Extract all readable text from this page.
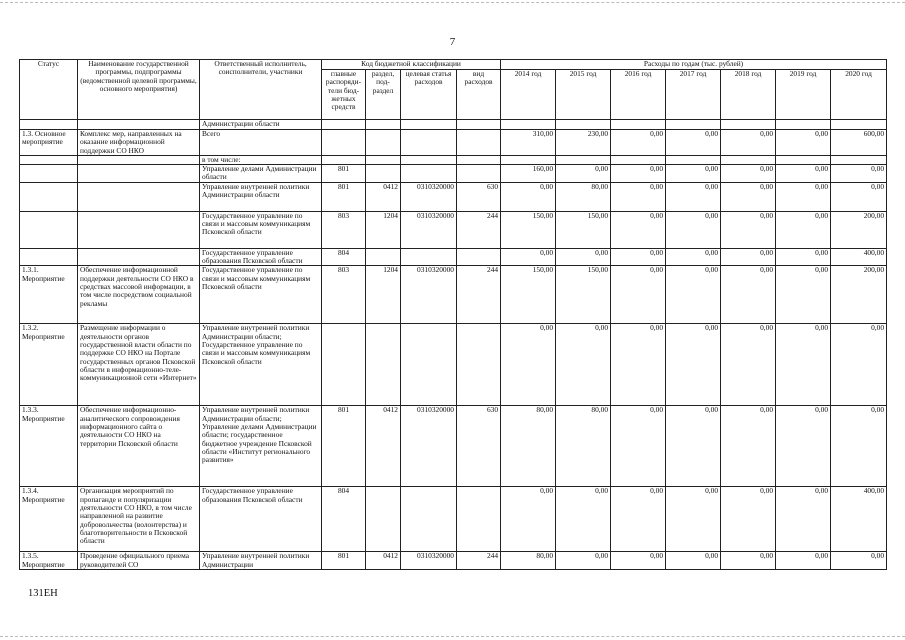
7
Статус	Наименование государственной программы, подпрограммы (ведомственной целевой программы, основного мероприятия)	Ответственный исполнитель, соисполнители, участники	Код бюджетной классификации				Расходы по годам (тыс. рублей)						
			главные распоряди-тели бюд-жетных средств	раздел, под-раздел	целевая статья расходов	вид расходов	2014 год	2015 год	2016 год	2017 год	2018 год	2019 год	2020 год
		Администрации области											
1.3. Основное мероприятие	Комплекс мер, направленных на оказание информационной поддержки СО НКО	Всего					310,00	230,00	0,00	0,00	0,00	0,00	600,00
		в том числе:											
		Управление делами Администрации области	801				160,00	0,00	0,00	0,00	0,00	0,00	0,00
		Управление внутренней политики Администрации области	801	0412	0310320000	630	0,00	80,00	0,00	0,00	0,00	0,00	0,00
		Государственное управление по связи и массовым коммуникациям Псковской области	803	1204	0310320000	244	150,00	150,00	0,00	0,00	0,00	0,00	200,00
		Государственное управление образования Псковской области	804				0,00	0,00	0,00	0,00	0,00	0,00	400,00
1.3.1. Мероприятие	Обеспечение информационной поддержки деятельности СО НКО в средствах массовой информации, в том числе посредством социальной рекламы	Государственное управление по связи и массовым коммуникациям Псковской области	803	1204	0310320000	244	150,00	150,00	0,00	0,00	0,00	0,00	200,00
1.3.2. Мероприятие	Размещение информации о деятельности органов государственной власти области по поддержке СО НКО на Портале государственных органов Псковской области в информационно-теле-коммуникационной сети «Интернет»	Управление внутренней политики Администрации области; Государственное управление по связи и массовым коммуникациям Псковской области					0,00	0,00	0,00	0,00	0,00	0,00	0,00
1.3.3. Мероприятие	Обеспечение информационно-аналитического сопровождения информационного сайта о деятельности СО НКО на территории Псковской области	Управление внутренней политики Администрации области; Управление делами Администрации области; государственное бюджетное учреждение Псковской области «Институт регионального развития»	801	0412	0310320000	630	80,00	80,00	0,00	0,00	0,00	0,00	0,00
1.3.4. Мероприятие	Организация мероприятий по пропаганде и популяризации деятельности СО НКО, в том числе направленной на развитие добровольчества (волонтерства) и благотворительности в Псковской области	Государственное управление образования Псковской области	804				0,00	0,00	0,00	0,00	0,00	0,00	400,00
1.3.5. Мероприятие	Проведение официального приема руководителей СО	Управление внутренней политики Администрации	801	0412	0310320000	244	80,00	0,00	0,00	0,00	0,00	0,00	0,00
131ЕН
